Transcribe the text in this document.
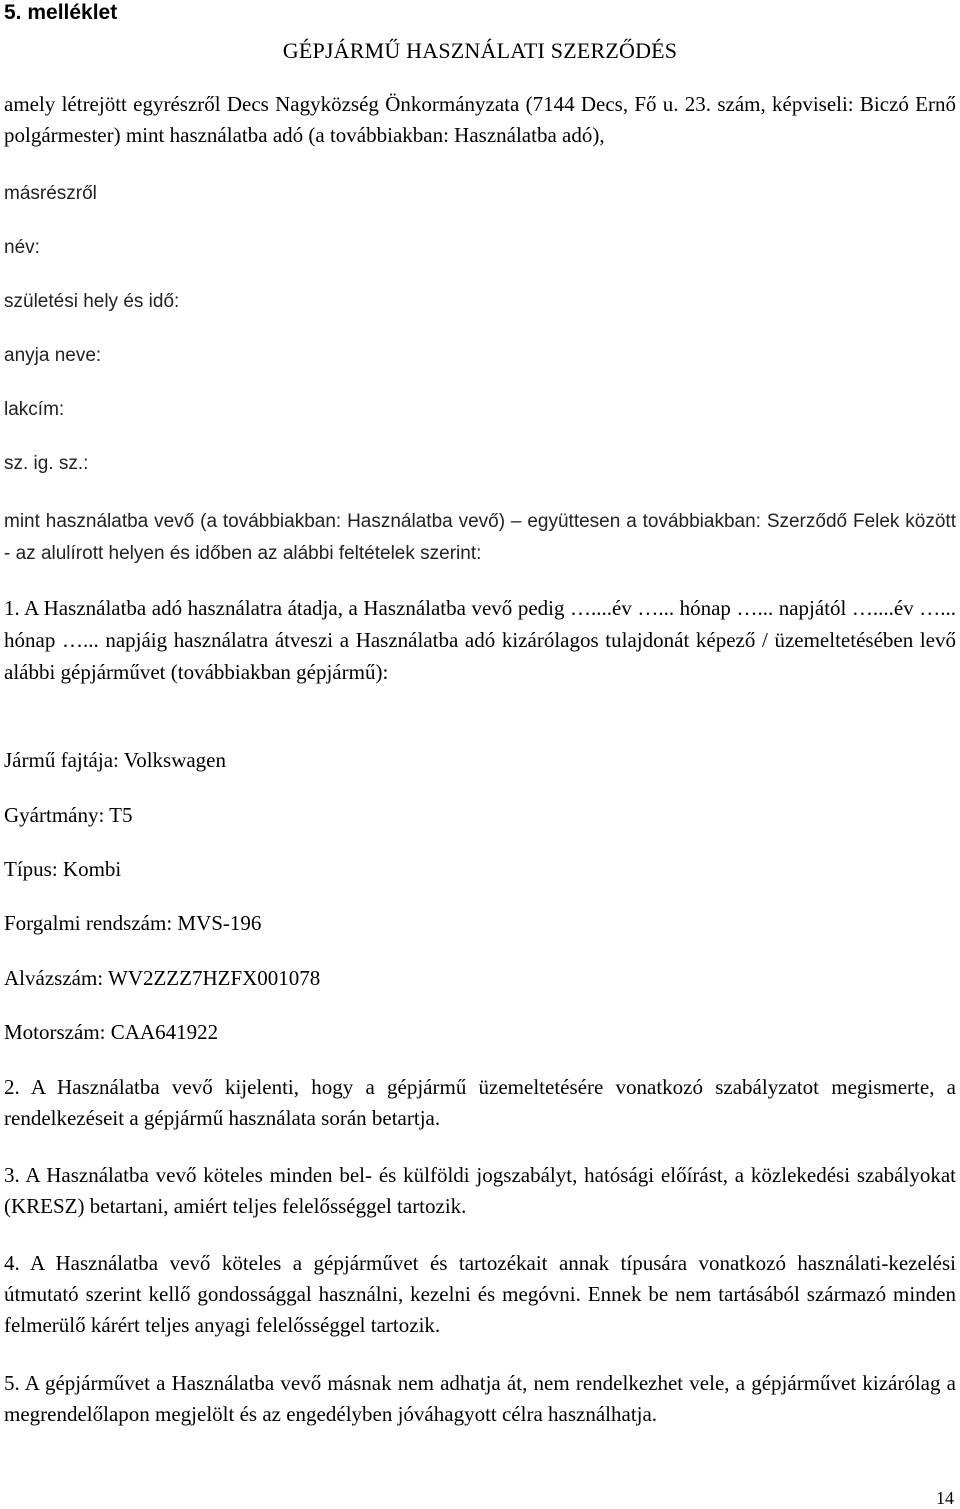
5. melléklet
GÉPJÁRMŰ HASZNÁLATI SZERZŐDÉS
amely létrejött egyrészről Decs Nagyközség Önkormányzata (7144 Decs, Fő u. 23. szám, képviseli: Biczó Ernő polgármester) mint használatba adó (a továbbiakban: Használatba adó),
másrészről
név:
születési hely és idő:
anyja neve:
lakcím:
sz. ig. sz.:
mint használatba vevő (a továbbiakban: Használatba vevő) – együttesen a továbbiakban: Szerződő Felek között - az alulírott helyen és időben az alábbi feltételek szerint:
1. A Használatba adó használatra átadja, a Használatba vevő pedig …....év …... hónap …... napjától …....év …... hónap …... napjáig használatra átveszi a Használatba adó kizárólagos tulajdonát képező / üzemeltetésében levő alábbi gépjárművet (továbbiakban gépjármű):
Jármű fajtája: Volkswagen
Gyártmány: T5
Típus: Kombi
Forgalmi rendszám: MVS-196
Alvázszám: WV2ZZZ7HZFX001078
Motorszám: CAA641922
2. A Használatba vevő kijelenti, hogy a gépjármű üzemeltetésére vonatkozó szabályzatot megismerte, a rendelkezéseit a gépjármű használata során betartja.
3. A Használatba vevő köteles minden bel- és külföldi jogszabályt, hatósági előírást, a közlekedési szabályokat (KRESZ) betartani, amiért teljes felelősséggel tartozik.
4. A Használatba vevő köteles a gépjárművet és tartozékait annak típusára vonatkozó használati-kezelési útmutató szerint kellő gondossággal használni, kezelni és megóvni. Ennek be nem tartásából származó minden felmerülő kárért teljes anyagi felelősséggel tartozik.
5. A gépjárművet a Használatba vevő másnak nem adhatja át, nem rendelkezhet vele, a gépjárművet kizárólag a megrendelőlapon megjelölt és az engedélyben jóváhagyott célra használhatja.
14
